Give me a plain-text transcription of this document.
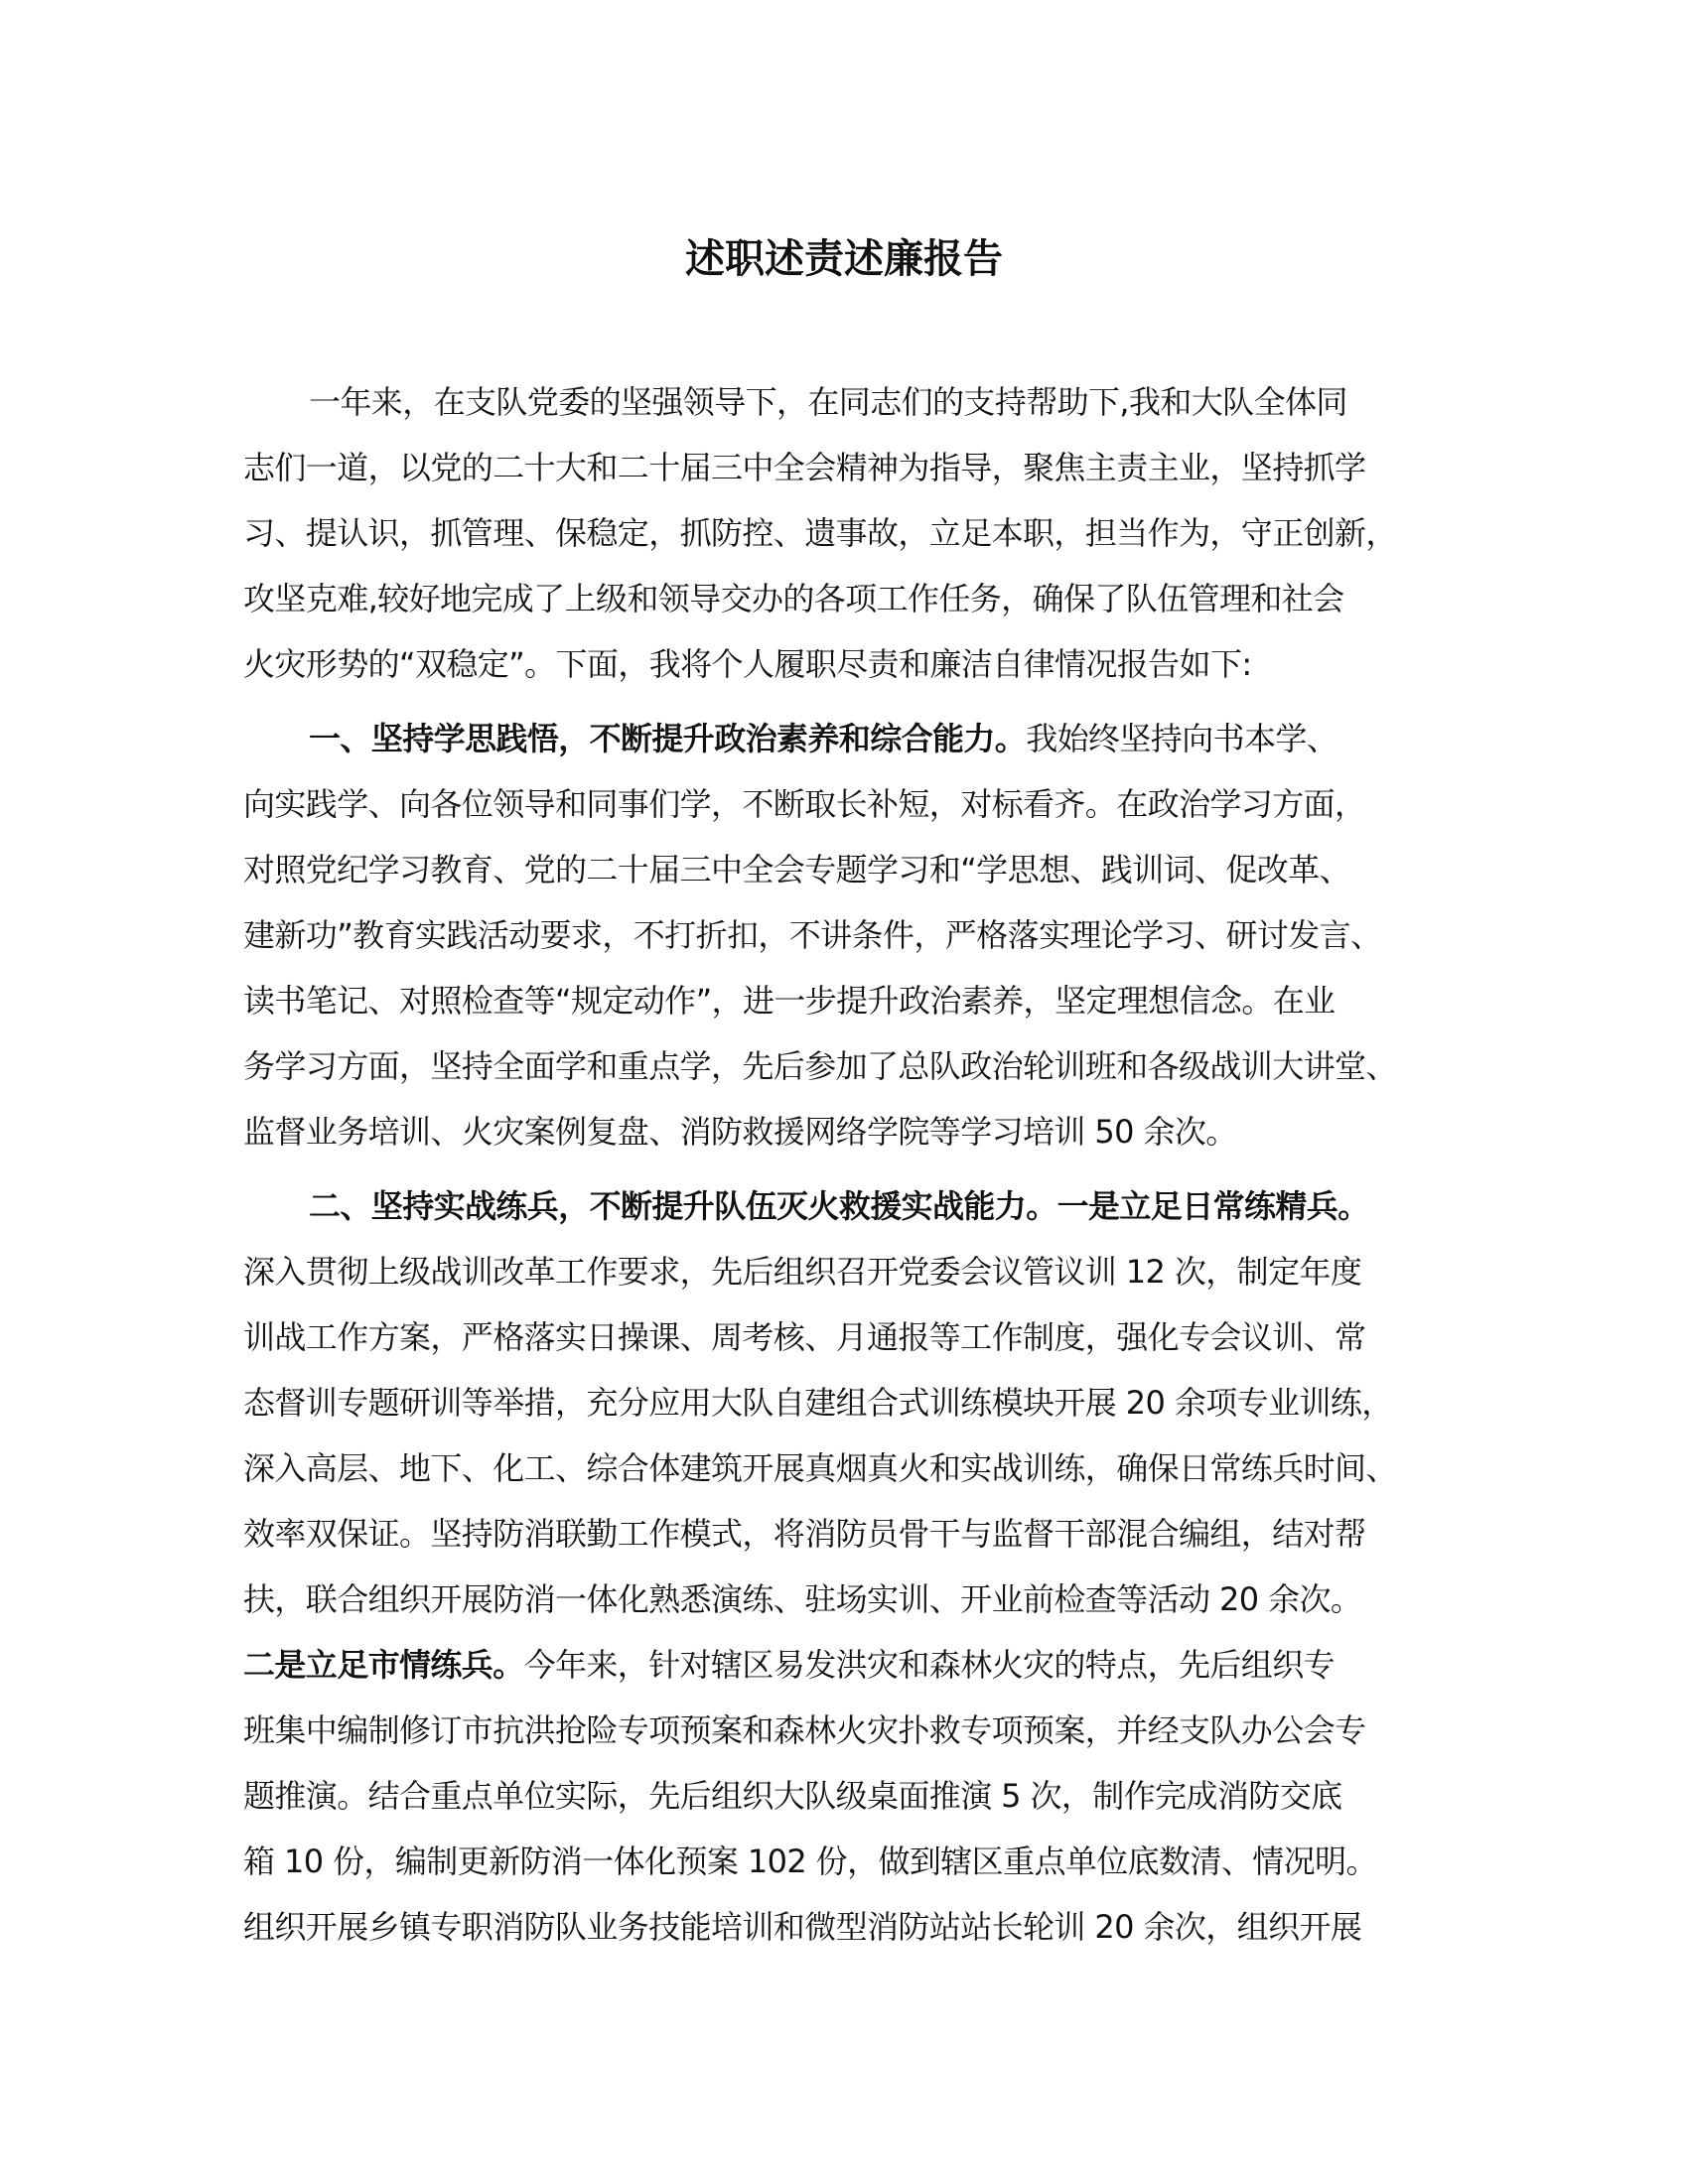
述职述责述廉报告
一年来，在支队党委的坚强领导下，在同志们的支持帮助下,我和大队全体同
志们一道，以党的二十大和二十届三中全会精神为指导，聚焦主责主业，坚持抓学
习、提认识，抓管理、保稳定，抓防控、遗事故，立足本职，担当作为，守正创新，
攻坚克难,较好地完成了上级和领导交办的各项工作任务，确保了队伍管理和社会
火灾形势的“双稳定”。下面，我将个人履职尽责和廉洁自律情况报告如下:
一、坚持学思践悟，不断提升政治素养和综合能力。我始终坚持向书本学、
向实践学、向各位领导和同事们学，不断取长补短，对标看齐。在政治学习方面，
对照党纪学习教育、党的二十届三中全会专题学习和“学思想、践训词、促改革、
建新功”教育实践活动要求，不打折扣，不讲条件，严格落实理论学习、研讨发言、
读书笔记、对照检查等“规定动作”，进一步提升政治素养，坚定理想信念。在业
务学习方面，坚持全面学和重点学，先后参加了总队政治轮训班和各级战训大讲堂、
监督业务培训、火灾案例复盘、消防救援网络学院等学习培训 50 余次。
二、坚持实战练兵，不断提升队伍灭火救援实战能力。一是立足日常练精兵。
深入贯彻上级战训改革工作要求，先后组织召开党委会议管议训 12 次，制定年度
训战工作方案，严格落实日操课、周考核、月通报等工作制度，强化专会议训、常
态督训专题研训等举措，充分应用大队自建组合式训练模块开展 20 余项专业训练，
深入高层、地下、化工、综合体建筑开展真烟真火和实战训练，确保日常练兵时间、
效率双保证。坚持防消联勤工作模式，将消防员骨干与监督干部混合编组，结对帮
扶，联合组织开展防消一体化熟悉演练、驻场实训、开业前检查等活动 20 余次。
二是立足市情练兵。今年来，针对辖区易发洪灾和森林火灾的特点，先后组织专
班集中编制修订市抗洪抢险专项预案和森林火灾扑救专项预案，并经支队办公会专
题推演。结合重点单位实际，先后组织大队级桌面推演 5 次，制作完成消防交底
箱 10 份，编制更新防消一体化预案 102 份，做到辖区重点单位底数清、情况明。
组织开展乡镇专职消防队业务技能培训和微型消防站站长轮训 20 余次，组织开展
